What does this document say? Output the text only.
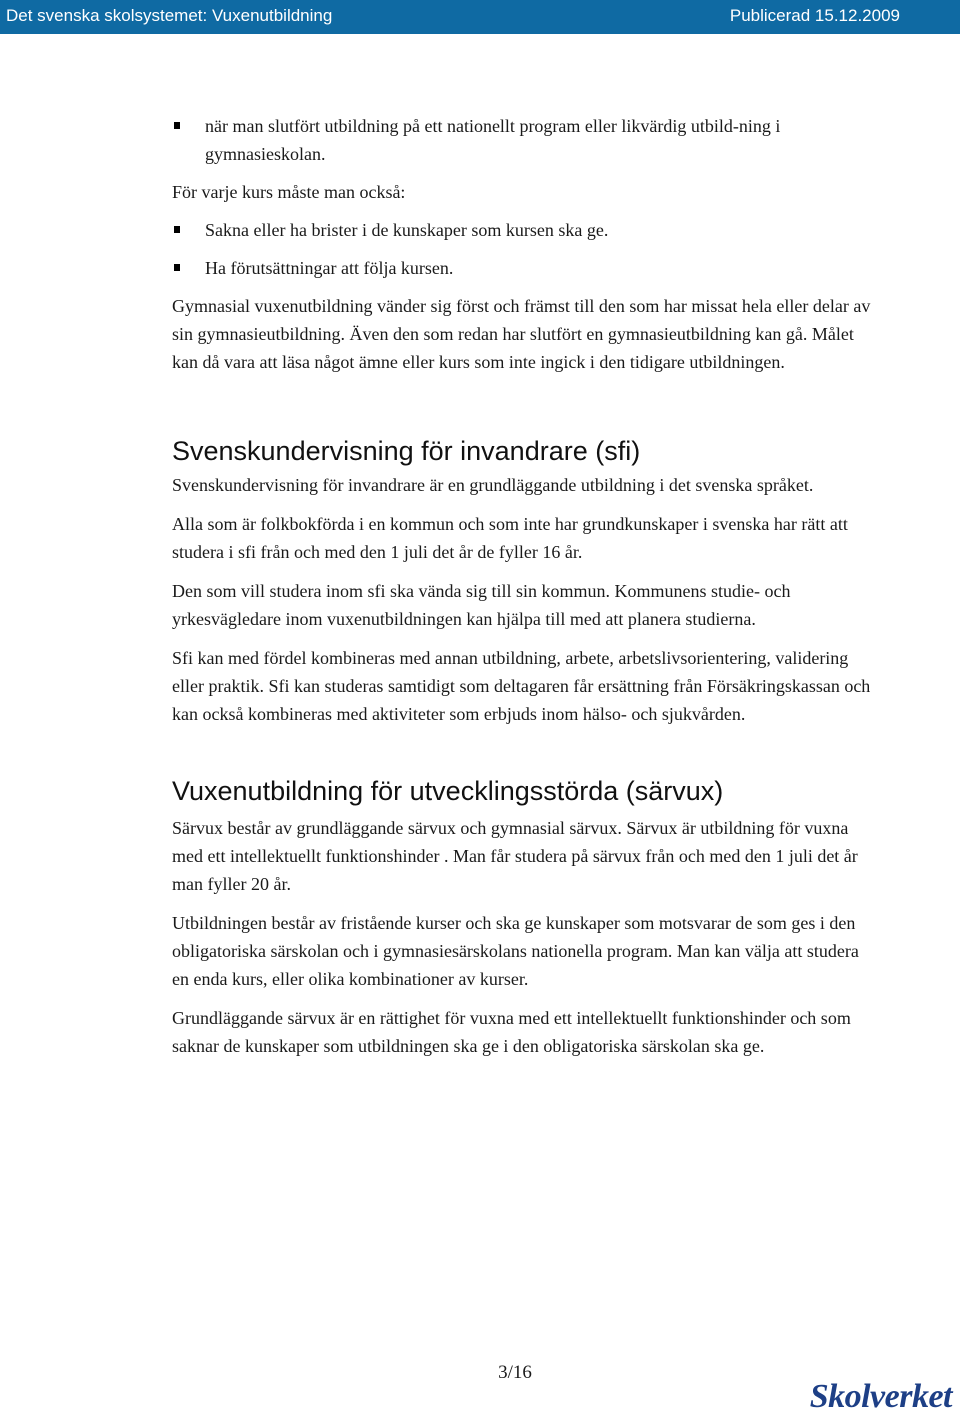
Det svenska skolsystemet: Vuxenutbildning	Publicerad 15.12.2009

när man slutfört utbildning på ett nationellt program eller likvärdig utbild-ning i gymnasieskolan.

För varje kurs måste man också:

Sakna eller ha brister i de kunskaper som kursen ska ge.

Ha förutsättningar att följa kursen.

Gymnasial vuxenutbildning vänder sig först och främst till den som har missat hela eller delar av sin gymnasieutbildning. Även den som redan har slutfört en gymnasieutbildning kan gå. Målet kan då vara att läsa något ämne eller kurs som inte ingick i den tidigare utbildningen.

Svenskundervisning för invandrare (sfi)

Svenskundervisning för invandrare är en grundläggande utbildning i det svenska språket.

Alla som är folkbokförda i en kommun och som inte har grundkunskaper i svenska har rätt att studera i sfi från och med den 1 juli det år de fyller 16 år.

Den som vill studera inom sfi ska vända sig till sin kommun. Kommunens studie- och yrkesvägledare inom vuxenutbildningen kan hjälpa till med att planera studierna.

Sfi kan med fördel kombineras med annan utbildning, arbete, arbetslivsorientering, validering eller praktik. Sfi kan studeras samtidigt som deltagaren får ersättning från Försäkringskassan och kan också kombineras med aktiviteter som erbjuds inom hälso- och sjukvården.

Vuxenutbildning för utvecklingsstörda (särvux)

Särvux består av grundläggande särvux och gymnasial särvux. Särvux är utbildning för vuxna med ett intellektuellt funktionshinder . Man får studera på särvux från och med den 1 juli det år man fyller 20 år.

Utbildningen består av fristående kurser och ska ge kunskaper som motsvarar de som ges i den obligatoriska särskolan och i gymnasiesärskolans nationella program. Man kan välja att studera en enda kurs, eller olika kombinationer av kurser.

Grundläggande särvux är en rättighet för vuxna med ett intellektuellt funktionshinder och som saknar de kunskaper som utbildningen ska ge i den obligatoriska särskolan ska ge.

3/16
Skolverket
